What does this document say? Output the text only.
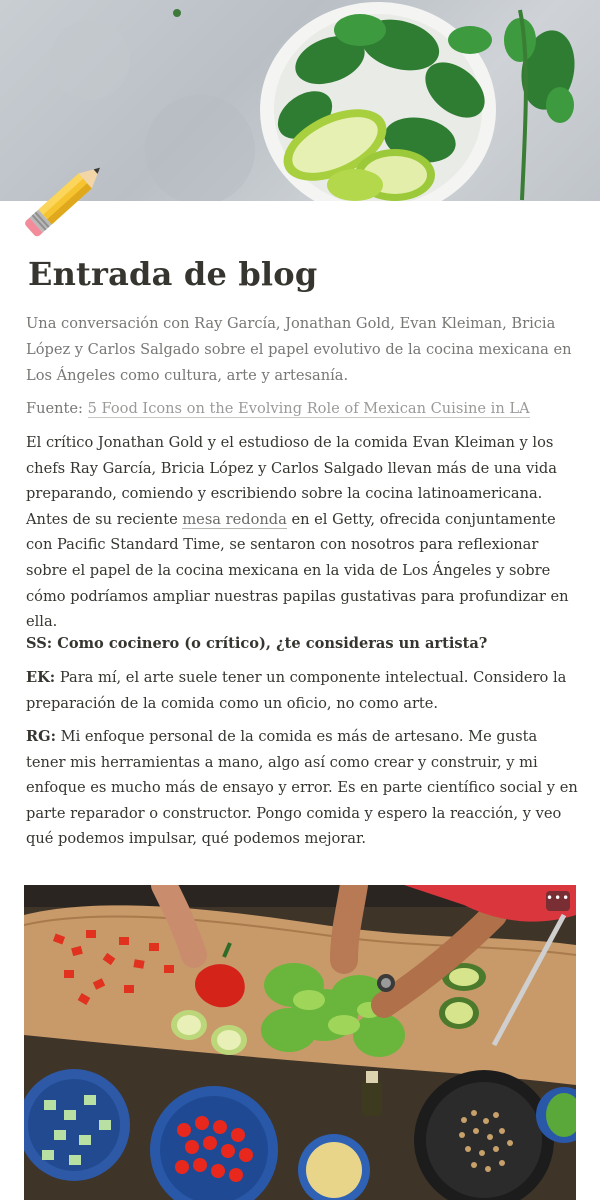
Entrada de blog

Una conversación con Ray García, Jonathan Gold, Evan Kleiman, Bricia López y Carlos Salgado sobre el papel evolutivo de la cocina mexicana en Los Ángeles como cultura, arte y artesanía.

Fuente: 5 Food Icons on the Evolving Role of Mexican Cuisine in LA

El crítico Jonathan Gold y el estudioso de la comida Evan Kleiman y los chefs Ray García, Bricia López y Carlos Salgado llevan más de una vida preparando, comiendo y escribiendo sobre la cocina latinoamericana. Antes de su reciente mesa redonda en el Getty, ofrecida conjuntamente con Pacific Standard Time, se sentaron con nosotros para reflexionar sobre el papel de la cocina mexicana en la vida de Los Ángeles y sobre cómo podríamos ampliar nuestras papilas gustativas para profundizar en ella.

SS: Como cocinero (o crítico), ¿te consideras un artista?

EK: Para mí, el arte suele tener un componente intelectual. Considero la preparación de la comida como un oficio, no como arte.

RG: Mi enfoque personal de la comida es más de artesano. Me gusta tener mis herramientas a mano, algo así como crear y construir, y mi enfoque es mucho más de ensayo y error. Es en parte científico social y en parte reparador o constructor. Pongo comida y espero la reacción, y veo qué podemos impulsar, qué podemos mejorar.

•••
